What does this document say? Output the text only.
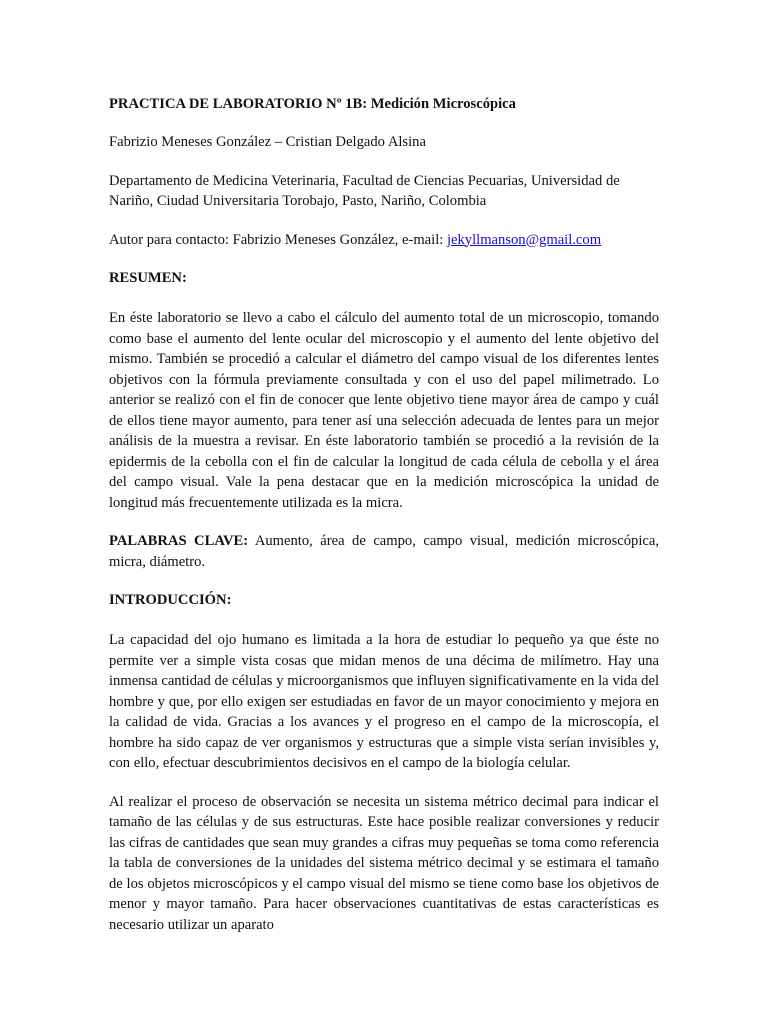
PRACTICA DE LABORATORIO Nº 1B: Medición Microscópica

Fabrizio Meneses González – Cristian Delgado Alsina

Departamento de Medicina Veterinaria, Facultad de Ciencias Pecuarias, Universidad de Nariño, Ciudad Universitaria Torobajo, Pasto, Nariño, Colombia

Autor para contacto: Fabrizio Meneses González, e-mail: jekyllmanson@gmail.com

RESUMEN:

En éste laboratorio se llevo a cabo el cálculo del aumento total de un microscopio, tomando como base el aumento del lente ocular del microscopio y el aumento del lente objetivo del mismo. También se procedió a calcular el diámetro del campo visual de los diferentes lentes objetivos con la fórmula previamente consultada y con el uso del papel milimetrado. Lo anterior se realizó con el fin de conocer que lente objetivo tiene mayor área de campo y cuál de ellos tiene mayor aumento, para tener así una selección adecuada de lentes para un mejor análisis de la muestra a revisar. En éste laboratorio también se procedió a la revisión de la epidermis de la cebolla con el fin de calcular la longitud de cada célula de cebolla y el área del campo visual. Vale la pena destacar que en la medición microscópica la unidad de longitud más frecuentemente utilizada es la micra.

PALABRAS CLAVE: Aumento, área de campo, campo visual, medición microscópica, micra, diámetro.

INTRODUCCIÓN:

La capacidad del ojo humano es limitada a la hora de estudiar lo pequeño ya que éste no permite ver a simple vista cosas que midan menos de una décima de milímetro. Hay una inmensa cantidad de células y microorganismos que influyen significativamente en la vida del hombre y que, por ello exigen ser estudiadas en favor de un mayor conocimiento y mejora en la calidad de vida. Gracias a los avances y el progreso en el campo de la microscopía, el hombre ha sido capaz de ver organismos y estructuras que a simple vista serían invisibles y, con ello, efectuar descubrimientos decisivos en el campo de la biología celular.

Al realizar el proceso de observación se necesita un sistema métrico decimal para indicar el tamaño de las células y de sus estructuras. Este hace posible realizar conversiones y reducir las cifras de cantidades que sean muy grandes a cifras muy pequeñas se toma como referencia la tabla de conversiones de la unidades del sistema métrico decimal y se estimara el tamaño de los objetos microscópicos y el campo visual del mismo se tiene como base los objetivos de menor y mayor tamaño. Para hacer observaciones cuantitativas de estas características es necesario utilizar un aparato
